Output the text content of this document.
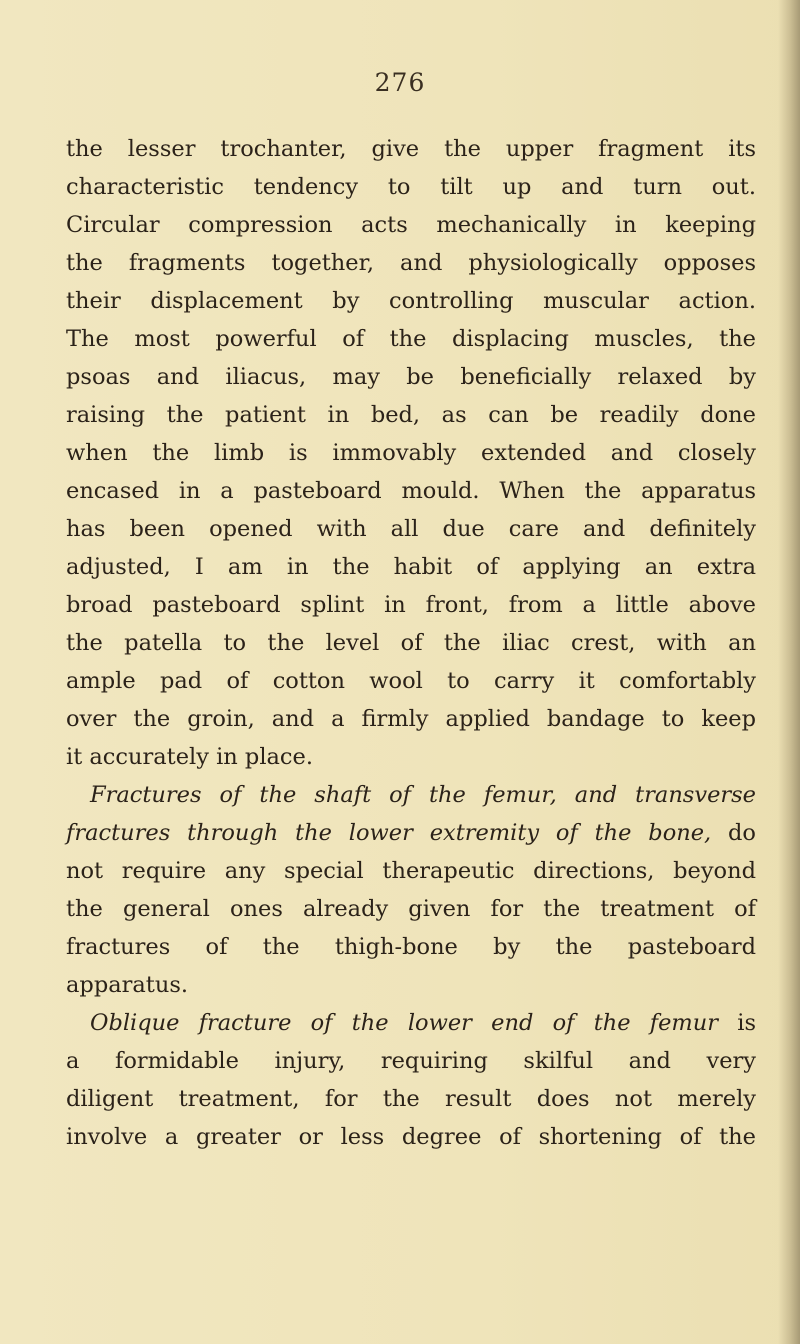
276
the lesser trochanter, give the upper fragment its
characteristic tendency to tilt up and turn out.
Circular compression acts mechanically in keeping
the fragments together, and physiologically opposes
their displacement by controlling muscular action.
The most powerful of the displacing muscles, the
psoas and iliacus, may be beneficially relaxed by
raising the patient in bed, as can be readily done
when the limb is immovably extended and closely
encased in a pasteboard mould. When the apparatus
has been opened with all due care and definitely
adjusted, I am in the habit of applying an extra
broad pasteboard splint in front, from a little above
the patella to the level of the iliac crest, with an
ample pad of cotton wool to carry it comfortably
over the groin, and a firmly applied bandage to keep
it accurately in place.
Fractures of the shaft of the femur, and transverse
fractures through the lower extremity of the bone, do
not require any special therapeutic directions, beyond
the general ones already given for the treatment of
fractures of the thigh-bone by the pasteboard
apparatus.
Oblique fracture of the lower end of the femur is
a formidable injury, requiring skilful and very
diligent treatment, for the result does not merely
involve a greater or less degree of shortening of the
